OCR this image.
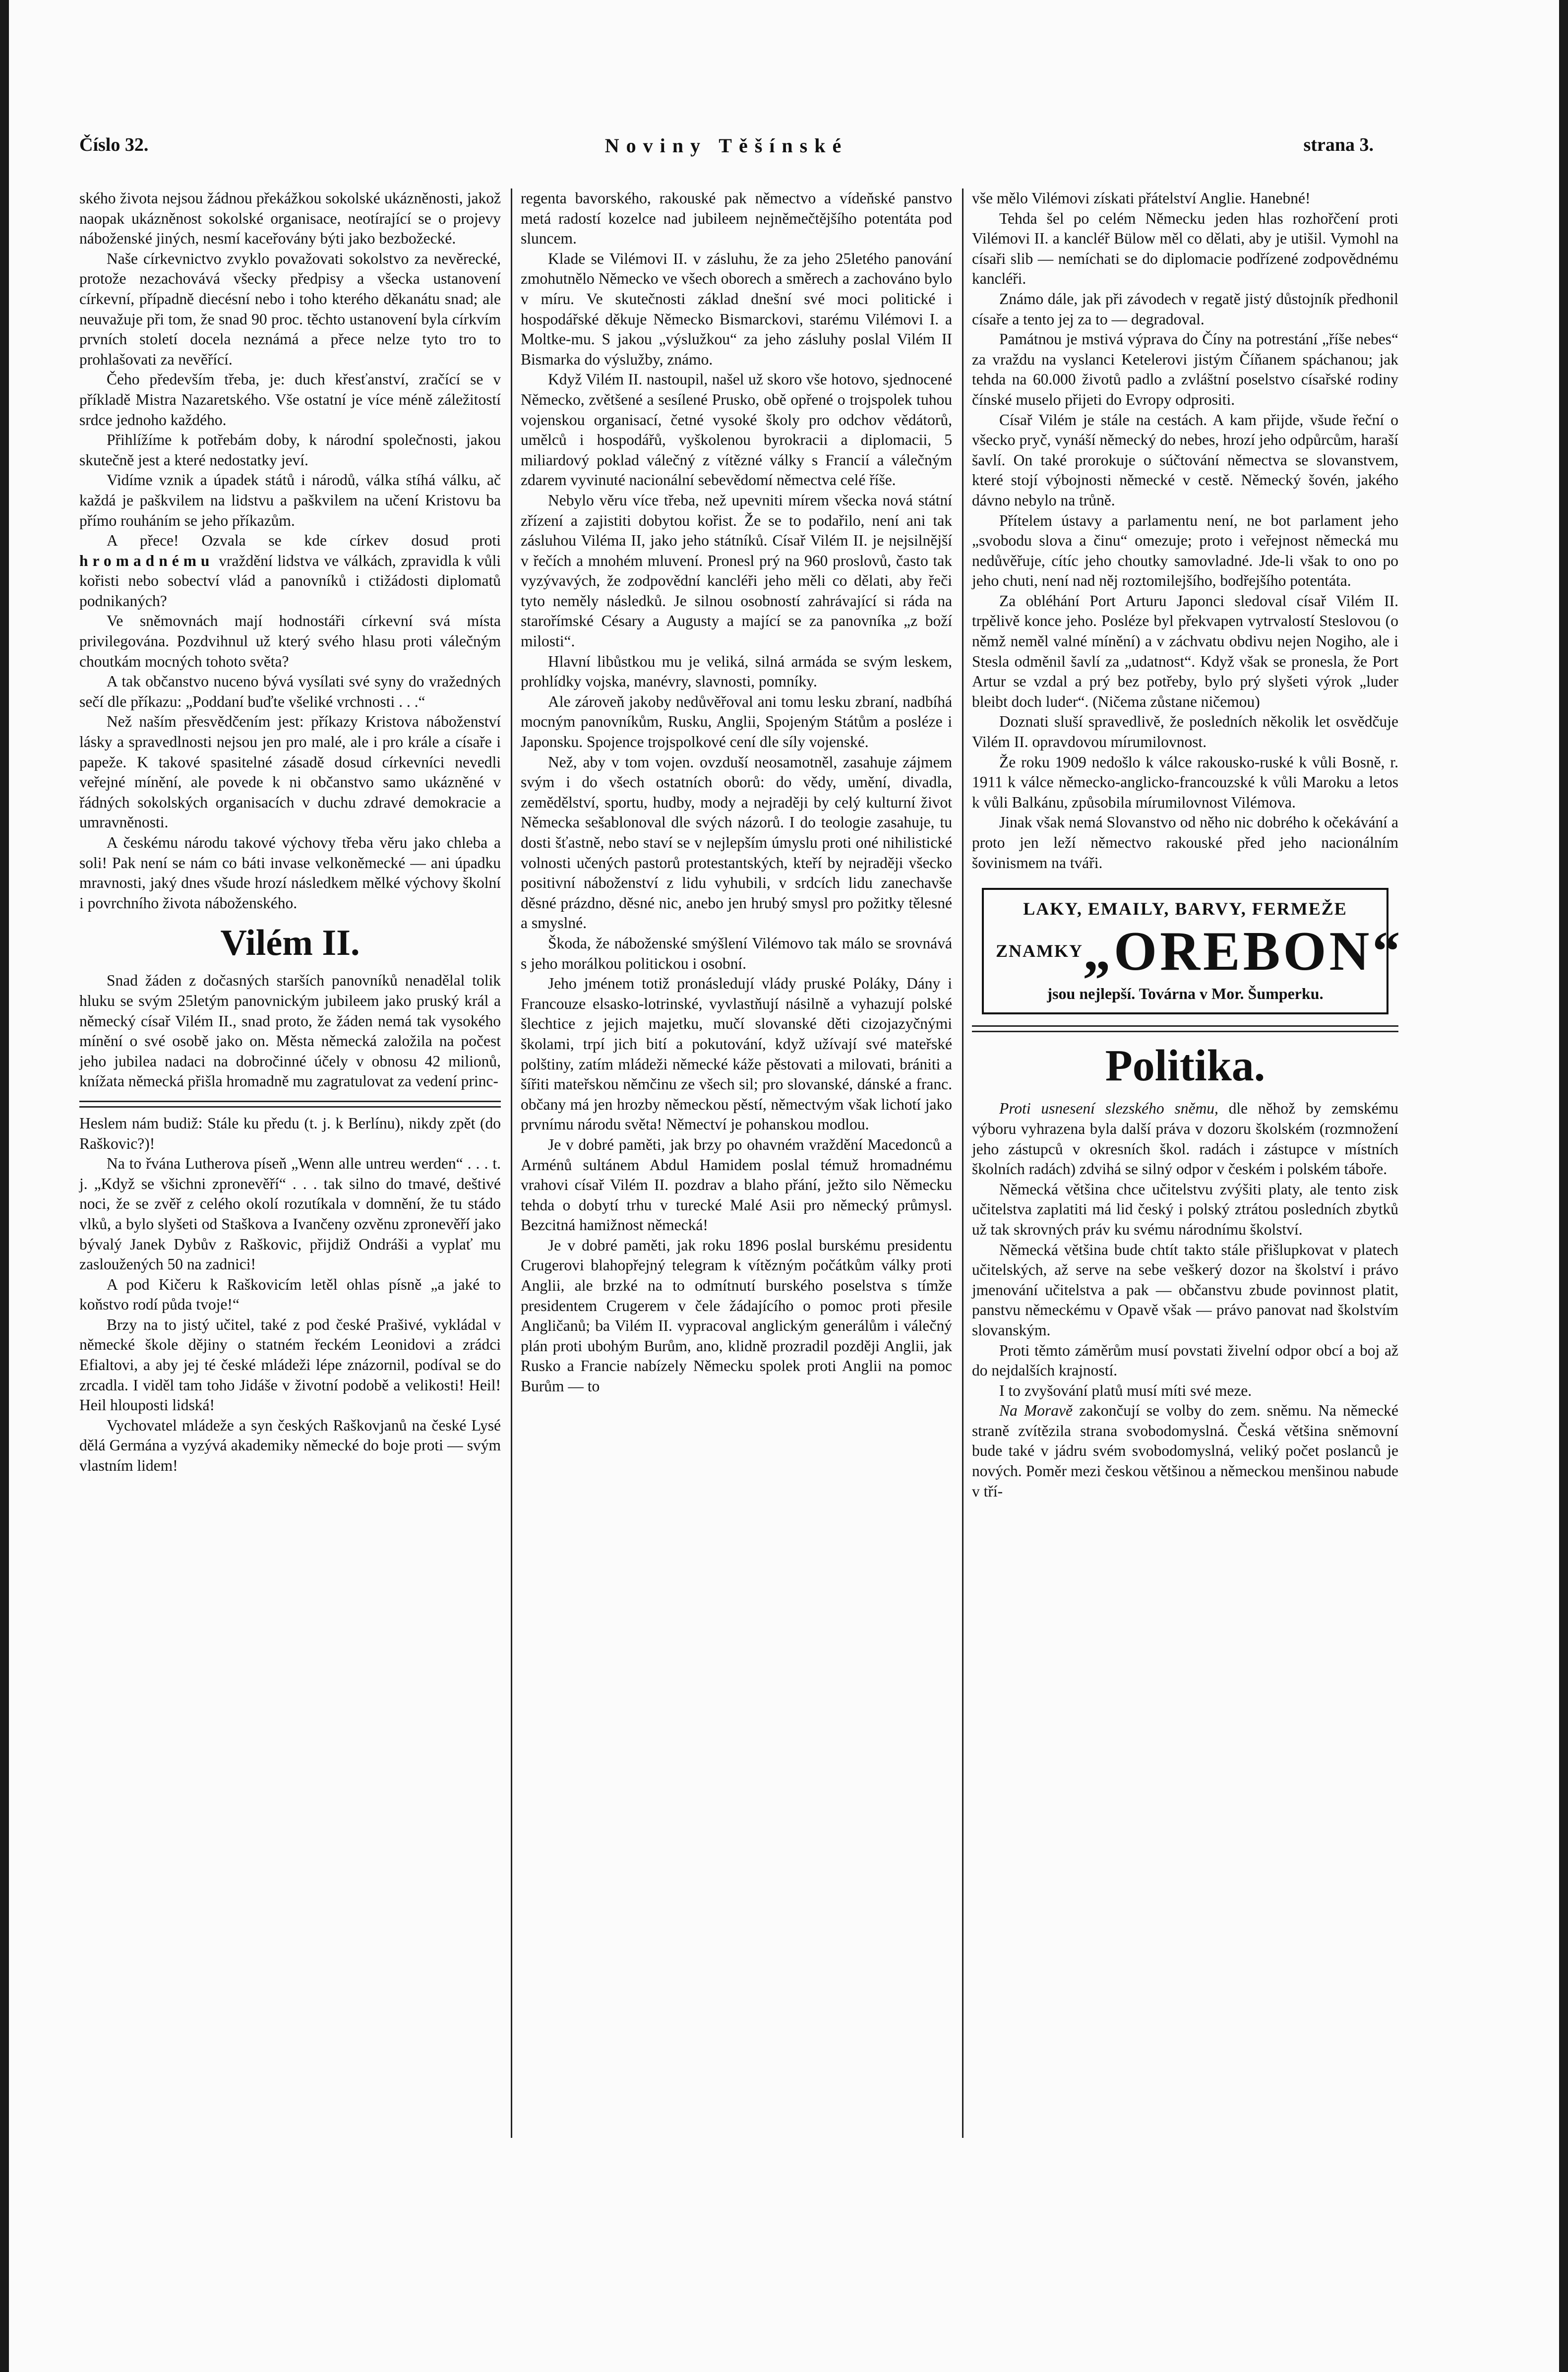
Číslo 32.	Noviny Těšínské	strana 3.

ského života nejsou žádnou překážkou sokolské ukázněnosti, jakož naopak ukázněnost sokolské organisace, neotírající se o projevy náboženské jiných, nesmí kaceřovány býti jako bezbožecké.

Naše církevnictvo zvyklo považovati sokolstvo za nevěrecké, protože nezachovává všecky předpisy a všecka ustanovení církevní, případně diecésní nebo i toho kterého děkanátu snad; ale neuvažuje při tom, že snad 90 proc. těchto ustanovení byla církvím prvních století docela neznámá a přece nelze tyto tro to prohlašovati za nevěřící.

Čeho především třeba, je: duch křesťanství, zračící se v příkladě Mistra Nazaretského. Vše ostatní je více méně záležitostí srdce jednoho každého.

Přihlížíme k potřebám doby, k národní společnosti, jakou skutečně jest a které nedostatky jeví.

Vidíme vznik a úpadek států i národů, válka stíhá válku, ač každá je paškvilem na lidstvu a paškvilem na učení Kristovu ba přímo rouháním se jeho příkazům.

A přece! Ozvala se kde církev dosud proti hromadnému vraždění lidstva ve válkách, zpravidla k vůli kořisti nebo sobectví vlád a panovníků i ctižádosti diplomatů podnikaných?

Ve sněmovnách mají hodnostáři církevní svá místa privilegována. Pozdvihnul už který svého hlasu proti válečným choutkám mocných tohoto světa?

A tak občanstvo nuceno bývá vysílati své syny do vražedných sečí dle příkazu: „Poddaní buďte všeliké vrchnosti . . .“

Než naším přesvědčením jest: příkazy Kristova náboženství lásky a spravedlnosti nejsou jen pro malé, ale i pro krále a císaře i papeže. K takové spasitelné zásadě dosud církevníci nevedli veřejné mínění, ale povede k ni občanstvo samo ukázněné v řádných sokolských organisacích v duchu zdravé demokracie a umravněnosti.

A českému národu takové výchovy třeba věru jako chleba a soli! Pak není se nám co báti invase velkoněmecké — ani úpadku mravnosti, jaký dnes všude hrozí následkem mělké výchovy školní i povrchního života náboženského.

Vilém II.

Snad žáden z dočasných starších panovníků nenadělal tolik hluku se svým 25letým panovnickým jubileem jako pruský král a německý císař Vilém II., snad proto, že žáden nemá tak vysokého mínění o své osobě jako on. Města německá založila na počest jeho jubilea nadaci na dobročinné účely v obnosu 42 milionů, knížata německá přišla hromadně mu zagratulovat za vedení princ-

Heslem nám budiž: Stále ku předu (t. j. k Berlínu), nikdy zpět (do Raškovic?)!

Na to řvána Lutherova píseň „Wenn alle untreu werden“ . . . t. j. „Když se všichni zpronevěří“ . . . tak silno do tmavé, deštivé noci, že se zvěř z celého okolí rozutíkala v domnění, že tu stádo vlků, a bylo slyšeti od Staškova a Ivančeny ozvěnu zpronevěří jako bývalý Janek Dybův z Raškovic, přijdiž Ondráši a vyplať mu zasloužených 50 na zadnici!

A pod Kičeru k Raškovicím letěl ohlas písně „a jaké to koňstvo rodí půda tvoje!“

Brzy na to jistý učitel, také z pod české Prašivé, vykládal v německé škole dějiny o statném řeckém Leonidovi a zrádci Efialtovi, a aby jej té české mládeži lépe znázornil, podíval se do zrcadla. I viděl tam toho Jidáše v životní podobě a velikosti! Heil! Heil hlouposti lidská!

Vychovatel mládeže a syn českých Raškovjanů na české Lysé dělá Germána a vyzývá akademiky německé do boje proti — svým vlastním lidem!

regenta bavorského, rakouské pak němectvo a vídeňské panstvo metá radostí kozelce nad jubileem nejněmečtějšího potentáta pod sluncem.

Klade se Vilémovi II. v zásluhu, že za jeho 25letého panování zmohutnělo Německo ve všech oborech a směrech a zachováno bylo v míru. Ve skutečnosti základ dnešní své moci politické i hospodářské děkuje Německo Bismarckovi, starému Vilémovi I. a Moltke-mu. S jakou „výslužkou“ za jeho zásluhy poslal Vilém II Bismarka do výslužby, známo.

Když Vilém II. nastoupil, našel už skoro vše hotovo, sjednocené Německo, zvětšené a sesílené Prusko, obě opřené o trojspolek tuhou vojenskou organisací, četné vysoké školy pro odchov vědátorů, umělců i hospodářů, vyškolenou byrokracii a diplomacii, 5 miliardový poklad válečný z vítězné války s Francií a válečným zdarem vyvinuté nacionální sebevědomí němectva celé říše.

Nebylo věru více třeba, než upevniti mírem všecka nová státní zřízení a zajistiti dobytou kořist. Že se to podařilo, není ani tak zásluhou Viléma II, jako jeho státníků. Císař Vilém II. je nejsilnější v řečích a mnohém mluvení. Pronesl prý na 960 proslovů, často tak vyzývavých, že zodpovědní kancléři jeho měli co dělati, aby řeči tyto neměly následků. Je silnou osobností zahrávající si ráda na starořímské Césary a Augusty a mající se za panovníka „z boží milosti“.

Hlavní libůstkou mu je veliká, silná armáda se svým leskem, prohlídky vojska, manévry, slavnosti, pomníky.

Ale zároveň jakoby nedůvěřoval ani tomu lesku zbraní, nadbíhá mocným panovníkům, Rusku, Anglii, Spojeným Státům a posléze i Japonsku. Spojence trojspolkové cení dle síly vojenské.

Než, aby v tom vojen. ovzduší neosamotněl, zasahuje zájmem svým i do všech ostatních oborů: do vědy, umění, divadla, zemědělství, sportu, hudby, mody a nejraději by celý kulturní život Německa sešablonoval dle svých názorů. I do teologie zasahuje, tu dosti šťastně, nebo staví se v nejlepším úmyslu proti oné nihilistické volnosti učených pastorů protestantských, kteří by nejraději všecko positivní náboženství z lidu vyhubili, v srdcích lidu zanechavše děsné prázdno, děsné nic, anebo jen hrubý smysl pro požitky tělesné a smyslné.

Škoda, že náboženské smýšlení Vilémovo tak málo se srovnává s jeho morálkou politickou i osobní.

Jeho jménem totiž pronásledují vlády pruské Poláky, Dány i Francouze elsasko-lotrinské, vyvlastňují násilně a vyhazují polské šlechtice z jejich majetku, mučí slovanské děti cizojazyčnými školami, trpí jich bití a pokutování, když užívají své mateřské polštiny, zatím mládeži německé káže pěstovati a milovati, brániti a šířiti mateřskou němčinu ze všech sil; pro slovanské, dánské a franc. občany má jen hrozby německou pěstí, němectvým však lichotí jako prvnímu národu světa! Němectví je pohanskou modlou.

Je v dobré paměti, jak brzy po ohavném vraždění Macedonců a Arménů sultánem Abdul Hamidem poslal témuž hromadnému vrahovi císař Vilém II. pozdrav a blaho přání, ježto silo Německu tehda o dobytí trhu v turecké Malé Asii pro německý průmysl. Bezcitná hamižnost německá!

Je v dobré paměti, jak roku 1896 poslal burskému presidentu Crugerovi blahopřejný telegram k vítězným počátkům války proti Anglii, ale brzké na to odmítnutí burského poselstva s tímže presidentem Crugerem v čele žádajícího o pomoc proti přesile Angličanů; ba Vilém II. vypracoval anglickým generálům i válečný plán proti ubohým Burům, ano, klidně prozradil později Anglii, jak Rusko a Francie nabízely Německu spolek proti Anglii na pomoc Burům — to

vše mělo Vilémovi získati přátelství Anglie. Hanebné!

Tehda šel po celém Německu jeden hlas rozhořčení proti Vilémovi II. a kancléř Bülow měl co dělati, aby je utišil. Vymohl na císaři slib — nemíchati se do diplomacie podřízené zodpovědnému kancléři.

Známo dále, jak při závodech v regatě jistý důstojník předhonil císaře a tento jej za to — degradoval.

Památnou je mstivá výprava do Číny na potrestání „říše nebes“ za vraždu na vyslanci Ketelerovi jistým Číňanem spáchanou; jak tehda na 60.000 životů padlo a zvláštní poselstvo císařské rodiny čínské muselo přijeti do Evropy odprositi.

Císař Vilém je stále na cestách. A kam přijde, všude řeční o všecko pryč, vynáší německý do nebes, hrozí jeho odpůrcům, haraší šavlí. On také prorokuje o súčtování němectva se slovanstvem, které stojí výbojnosti německé v cestě. Německý šovén, jakého dávno nebylo na trůně.

Přítelem ústavy a parlamentu není, ne bot parlament jeho „svobodu slova a činu“ omezuje; proto i veřejnost německá mu nedůvěřuje, cítíc jeho choutky samovladné. Jde-li však to ono po jeho chuti, není nad něj roztomilejšího, bodřejšího potentáta.

Za obléhání Port Arturu Japonci sledoval císař Vilém II. trpělivě konce jeho. Posléze byl překvapen vytrvalostí Steslovou (o němž neměl valné mínění) a v záchvatu obdivu nejen Nogiho, ale i Stesla odměnil šavlí za „udatnost“. Když však se pronesla, že Port Artur se vzdal a prý bez potřeby, bylo prý slyšeti výrok „luder bleibt doch luder“. (Ničema zůstane ničemou)

Doznati sluší spravedlivě, že posledních několik let osvědčuje Vilém II. opravdovou mírumilovnost.

Že roku 1909 nedošlo k válce rakousko-ruské k vůli Bosně, r. 1911 k válce německo-anglicko-francouzské k vůli Maroku a letos k vůli Balkánu, způsobila mírumilovnost Vilémova.

Jinak však nemá Slovanstvo od něho nic dobrého k očekávání a proto jen leží němectvo rakouské před jeho nacionálním šovinismem na tváři.

LAKY, EMAILY, BARVY, FERMEŽE
ZNAMKY „OREBON“
jsou nejlepší. Továrna v Mor. Šumperku.
Politika.

Proti usnesení slezského sněmu, dle něhož by zemskému výboru vyhrazena byla další práva v dozoru školském (rozmnožení jeho zástupců v okresních škol. radách i zástupce v místních školních radách) zdvihá se silný odpor v českém i polském táboře.

Německá většina chce učitelstvu zvýšiti platy, ale tento zisk učitelstva zaplatiti má lid český i polský ztrátou posledních zbytků už tak skrovných práv ku svému národnímu školství.

Německá většina bude chtít takto stále přišlupkovat v platech učitelských, až serve na sebe veškerý dozor na školství i právo jmenování učitelstva a pak — občanstvu zbude povinnost platit, panstvu německému v Opavě však — právo panovat nad školstvím slovanským.

Proti těmto záměrům musí povstati živelní odpor obcí a boj až do nejdalších krajností.

I to zvyšování platů musí míti své meze.

Na Moravě zakončují se volby do zem. sněmu. Na německé straně zvítězila strana svobodomyslná. Česká většina sněmovní bude také v jádru svém svobodomyslná, veliký počet poslanců je nových. Poměr mezi českou většinou a německou menšinou nabude v tří-
